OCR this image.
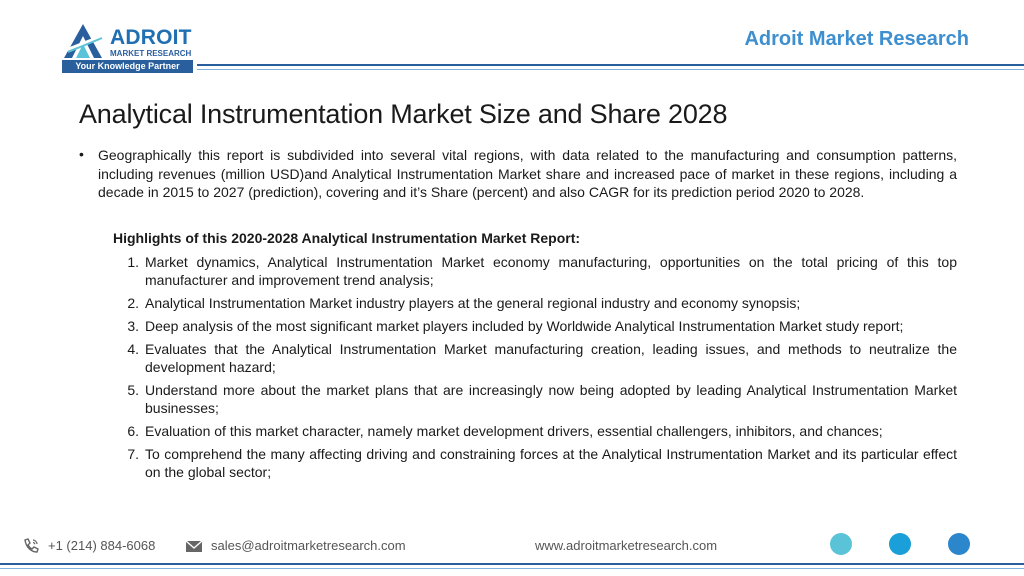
ADROIT
MARKET RESEARCH
Your Knowledge Partner
Adroit Market Research
Analytical Instrumentation Market Size and Share 2028
• Geographically this report is subdivided into several vital regions, with data related to the manufacturing and consumption patterns, including revenues (million USD)and Analytical Instrumentation Market share and increased pace of market in these regions, including a decade in 2015 to 2027 (prediction), covering and it’s Share (percent) and also CAGR for its prediction period 2020 to 2028.

Highlights of this 2020-2028 Analytical Instrumentation Market Report:
1. Market dynamics, Analytical Instrumentation Market economy manufacturing, opportunities on the total pricing of this top manufacturer and improvement trend analysis;
2. Analytical Instrumentation Market industry players at the general regional industry and economy synopsis;
3. Deep analysis of the most significant market players included by Worldwide Analytical Instrumentation Market study report;
4. Evaluates that the Analytical Instrumentation Market manufacturing creation, leading issues, and methods to neutralize the development hazard;
5. Understand more about the market plans that are increasingly now being adopted by leading Analytical Instrumentation Market businesses;
6. Evaluation of this market character, namely market development drivers, essential challengers, inhibitors, and chances;
7. To comprehend the many affecting driving and constraining forces at the Analytical Instrumentation Market and its particular effect on the global sector;
+1 (214) 884-6068	sales@adroitmarketresearch.com	www.adroitmarketresearch.com
